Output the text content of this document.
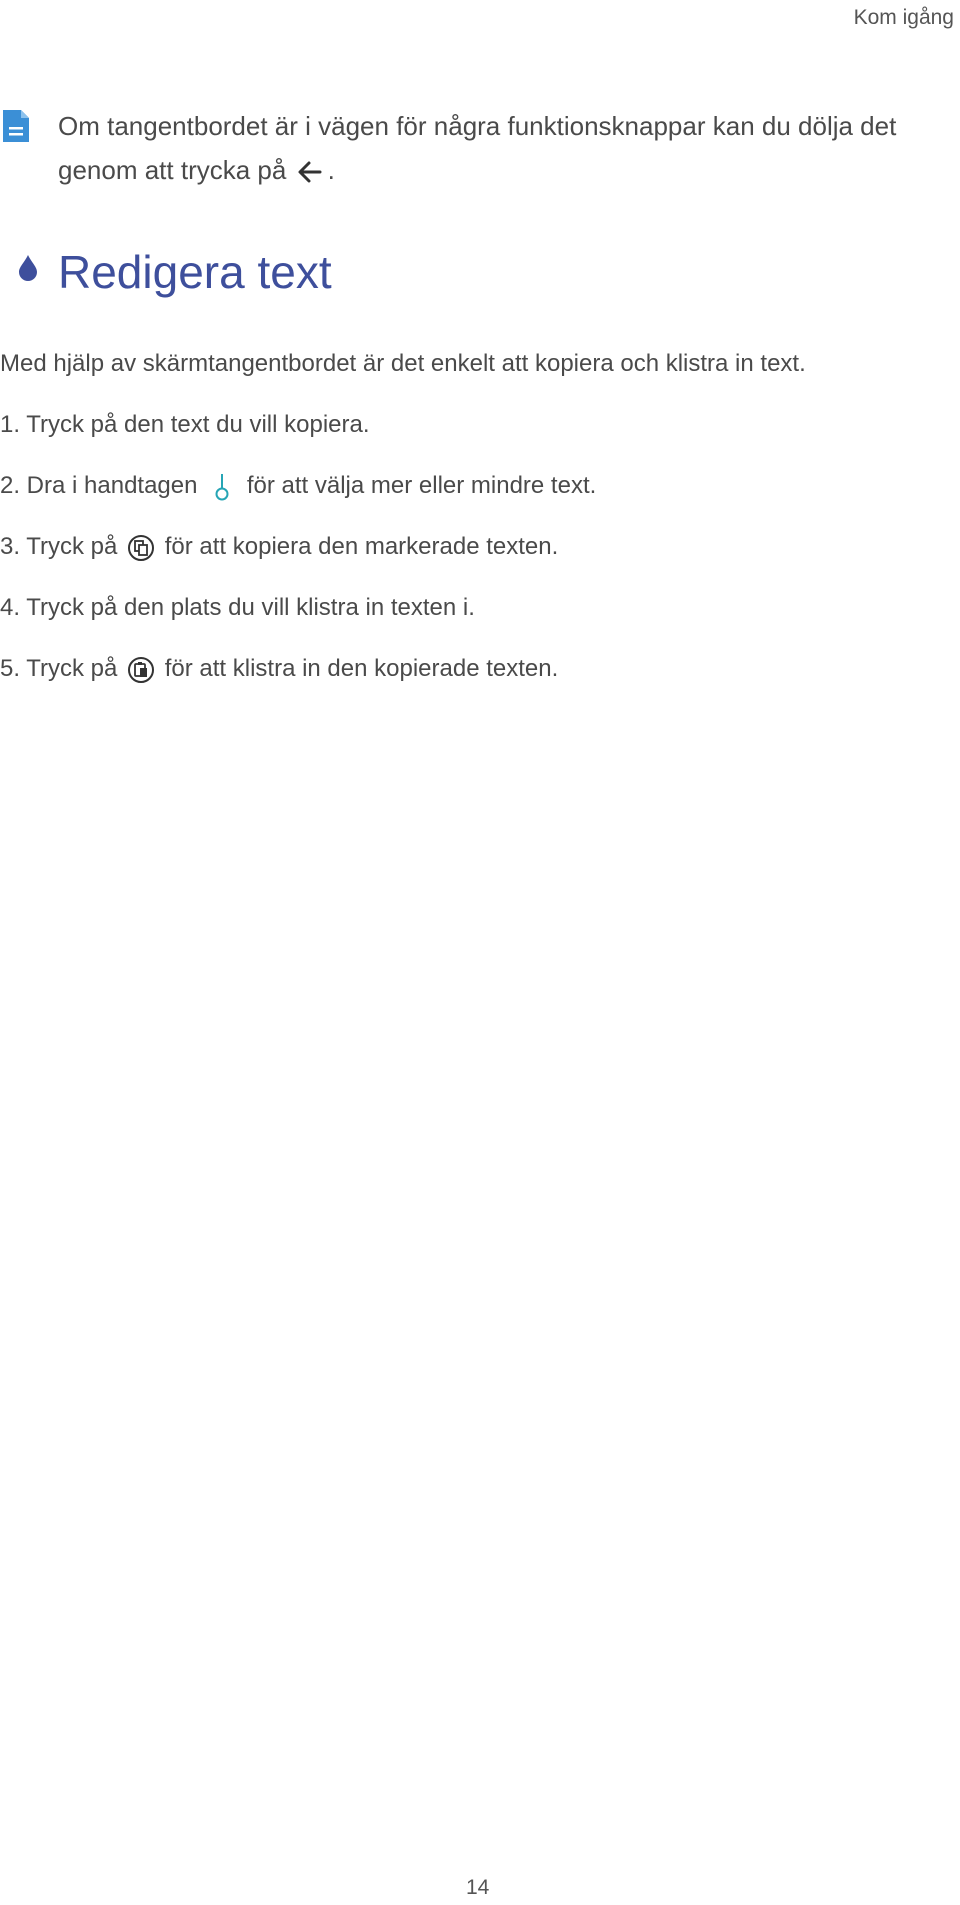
Kom igång
Om tangentbordet är i vägen för några funktionsknappar kan du dölja det genom att trycka på .
Redigera text
Med hjälp av skärmtangentbordet är det enkelt att kopiera och klistra in text.
1. Tryck på den text du vill kopiera.
2. Dra i handtagen för att välja mer eller mindre text.
3. Tryck på för att kopiera den markerade texten.
4. Tryck på den plats du vill klistra in texten i.
5. Tryck på för att klistra in den kopierade texten.
14
